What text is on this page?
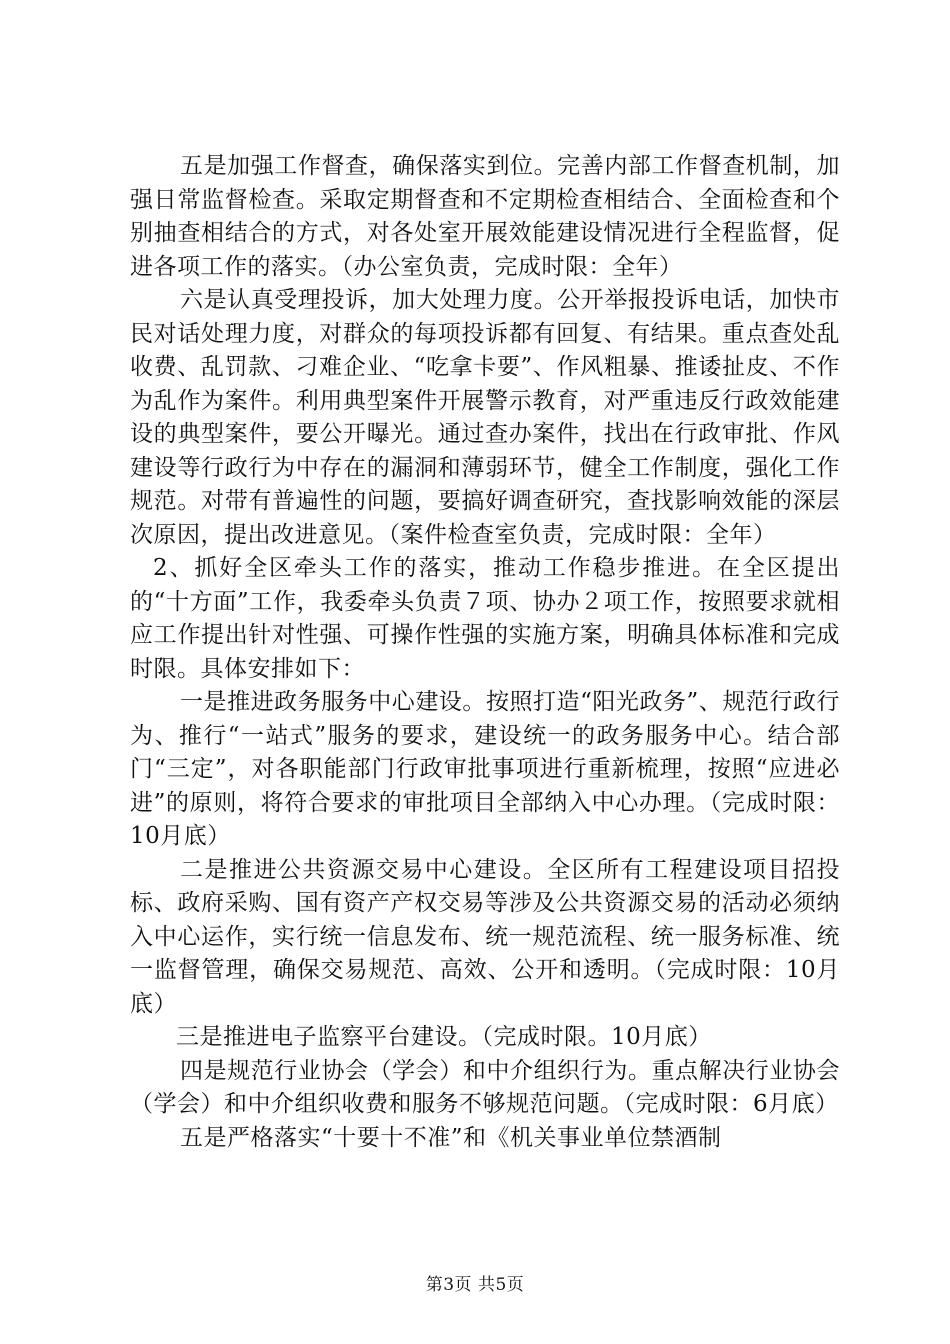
五是加强工作督查，确保落实到位。完善内部工作督查机制，加强日常监督检查。采取定期督查和不定期检查相结合、全面检查和个别抽查相结合的方式，对各处室开展效能建设情况进行全程监督，促进各项工作的落实。（办公室负责，完成时限：全年）

六是认真受理投诉，加大处理力度。公开举报投诉电话，加快市民对话处理力度，对群众的每项投诉都有回复、有结果。重点查处乱收费、乱罚款、刁难企业、“吃拿卡要”、作风粗暴、推诿扯皮、不作为乱作为案件。利用典型案件开展警示教育，对严重违反行政效能建设的典型案件，要公开曝光。通过查办案件，找出在行政审批、作风建设等行政行为中存在的漏洞和薄弱环节，健全工作制度，强化工作规范。对带有普遍性的问题，要搞好调查研究，查找影响效能的深层次原因，提出改进意见。（案件检查室负责，完成时限：全年）

2、抓好全区牵头工作的落实，推动工作稳步推进。在全区提出的“十方面”工作，我委牵头负责７项、协办２项工作，按照要求就相应工作提出针对性强、可操作性强的实施方案，明确具体标准和完成时限。具体安排如下：

一是推进政务服务中心建设。按照打造“阳光政务”、规范行政行为、推行“一站式”服务的要求，建设统一的政务服务中心。结合部门“三定”，对各职能部门行政审批事项进行重新梳理，按照“应进必进”的原则，将符合要求的审批项目全部纳入中心办理。（完成时限：10月底）

二是推进公共资源交易中心建设。全区所有工程建设项目招投标、政府采购、国有资产产权交易等涉及公共资源交易的活动必须纳入中心运作，实行统一信息发布、统一规范流程、统一服务标准、统一监督管理，确保交易规范、高效、公开和透明。（完成时限：10月底）

三是推进电子监察平台建设。（完成时限。10月底）

四是规范行业协会（学会）和中介组织行为。重点解决行业协会（学会）和中介组织收费和服务不够规范问题。（完成时限：6月底）

五是严格落实“十要十不准”和《机关事业单位禁酒制

第3页 共5页
